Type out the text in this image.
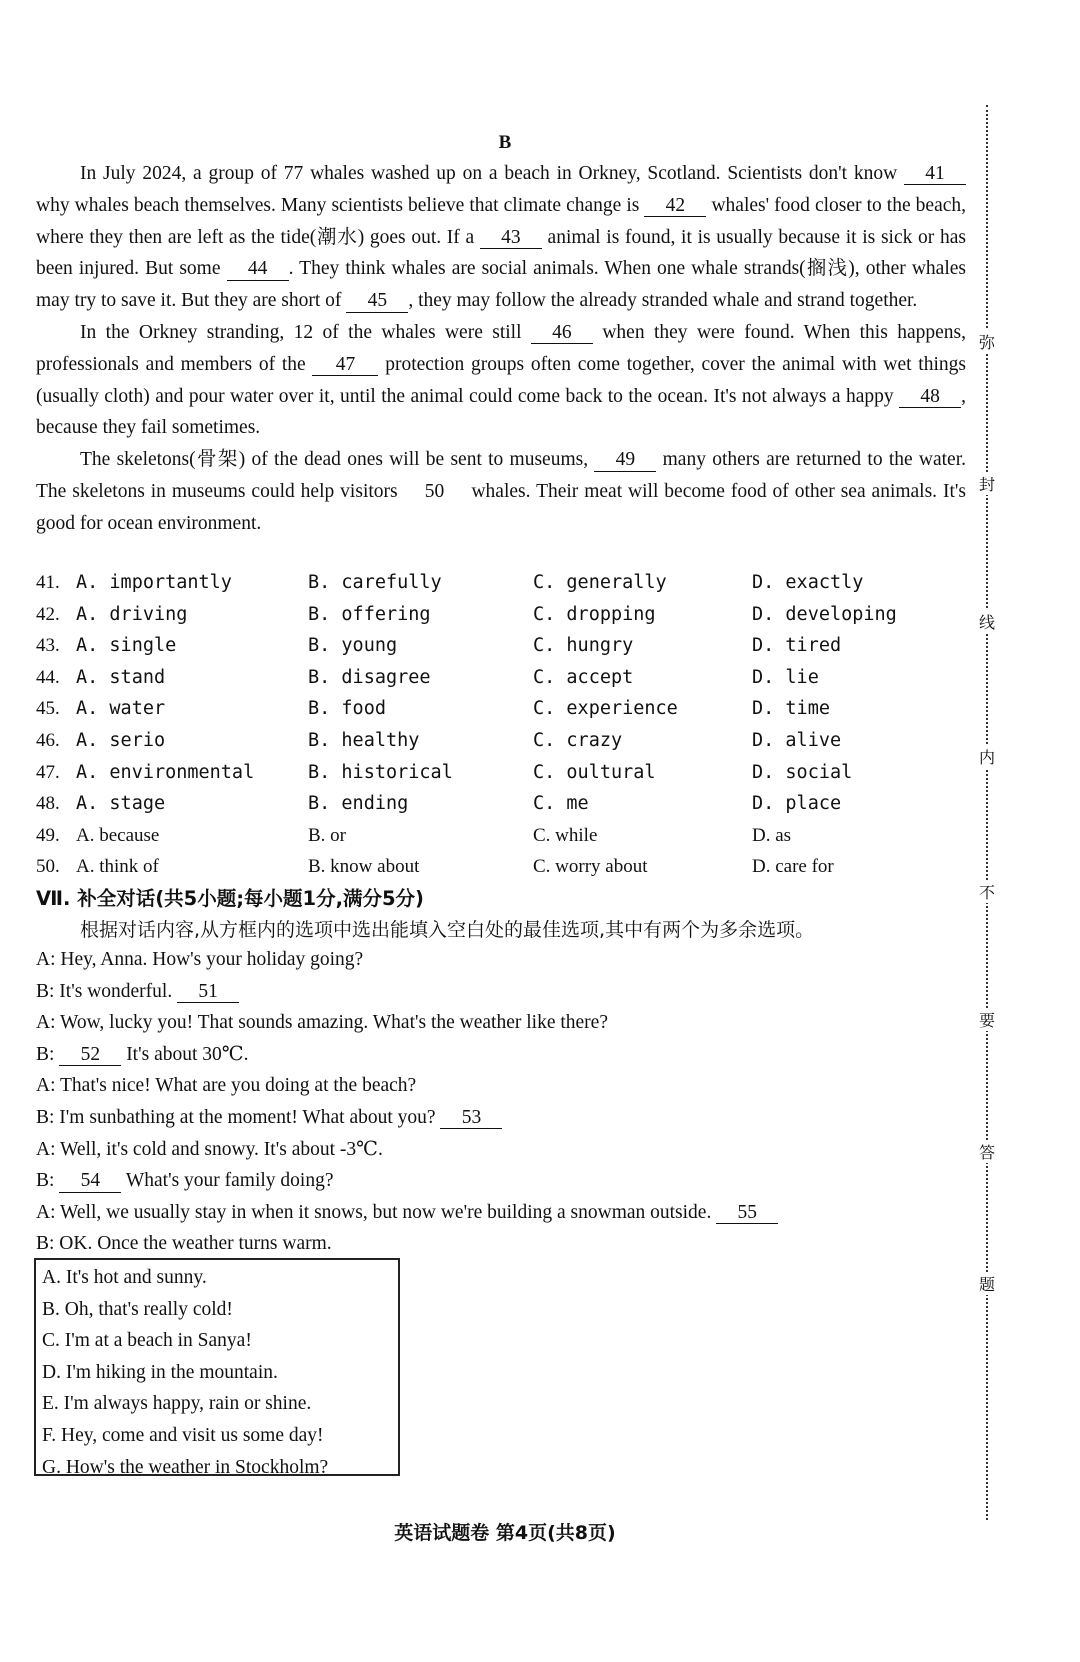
B

In July 2024, a group of 77 whales washed up on a beach in Orkney, Scotland. Scientists don't know 41 why whales beach themselves. Many scientists believe that climate change is 42 whales' food closer to the beach, where they then are left as the tide(潮水) goes out. If a 43 animal is found, it is usually because it is sick or has been injured. But some 44 . They think whales are social animals. When one whale strands(搁浅), other whales may try to save it. But they are short of 45 , they may follow the already stranded whale and strand together.

In the Orkney stranding, 12 of the whales were still 46 when they were found. When this happens, professionals and members of the 47 protection groups often come together, cover the animal with wet things (usually cloth) and pour water over it, until the animal could come back to the ocean. It's not always a happy 48 , because they fail sometimes.

The skeletons(骨架) of the dead ones will be sent to museums, 49 many others are returned to the water. The skeletons in museums could help visitors 50 whales. Their meat will become food of other sea animals. It's good for ocean environment.

41. A. importantly	B. carefully	C. generally	D. exactly
42. A. driving	B. offering	C. dropping	D. developing
43. A. single	B. young	C. hungry	D. tired
44. A. stand	B. disagree	C. accept	D. lie
45. A. water	B. food	C. experience	D. time
46. A. serio	B. healthy	C. crazy	D. alive
47. A. environmental	B. historical	C. oultural	D. social
48. A. stage	B. ending	C. me	D. place
49. A. because	B. or	C. while	D. as
50. A. think of	B. know about	C. worry about	D. care for
Ⅶ. 补全对话(共5小题;每小题1分,满分5分)
根据对话内容,从方框内的选项中选出能填入空白处的最佳选项,其中有两个为多余选项。
A: Hey, Anna. How's your holiday going?
B: It's wonderful. 51
A: Wow, lucky you! That sounds amazing. What's the weather like there?
B: 52 It's about 30℃.
A: That's nice! What are you doing at the beach?
B: I'm sunbathing at the moment! What about you? 53
A: Well, it's cold and snowy. It's about -3℃.
B: 54 What's your family doing?
A: Well, we usually stay in when it snows, but now we're building a snowman outside. 55
B: OK. Once the weather turns warm.
A. It's hot and sunny.
B. Oh, that's really cold!
C. I'm at a beach in Sanya!
D. I'm hiking in the mountain.
E. I'm always happy, rain or shine.
F. Hey, come and visit us some day!
G. How's the weather in Stockholm?
英语试题卷 第4页(共8页)
弥
封
线
内
不
要
答
题
